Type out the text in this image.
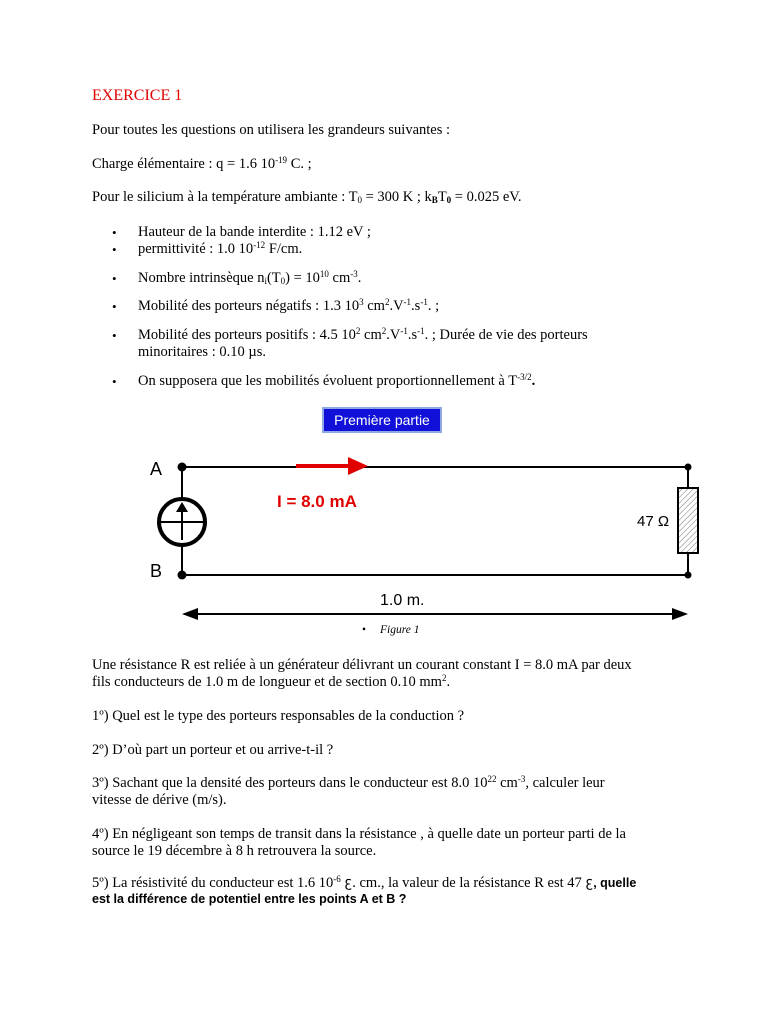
EXERCICE 1
Pour toutes les questions on utilisera les grandeurs suivantes :
Charge élémentaire : q = 1.6 $10^{-19}$ C. ;
Pour le silicium à la température ambiante : $T_0 = 300$ K ; $k_BT_0 = 0.025$ eV.
• Hauteur de la bande interdite : 1.12 eV ;
• permittivité : 1.0 $10^{-12}$ F/cm.
• Nombre intrinsèque $n_i(T_0) = 10^{10}$ $cm^{-3}$.
• Mobilité des porteurs négatifs : 1.3 $10^3$ $cm^2.V^{-1}.s^{-1}$. ;
• Mobilité des porteurs positifs : 4.5 $10^2$ $cm^2.V^{-1}.s^{-1}$. ; Durée de vie des porteurs
minoritaires : 0.10 µs.
• On supposera que les mobilités évoluent proportionnellement à $T^{-3/2}$.
Première partie
A
B
47 Ω
I = 8.0 mA
1.0 m.
• Figure 1
Une résistance R est reliée à un générateur délivrant un courant constant I = 8.0 mA par deux
fils conducteurs de 1.0 m de longueur et de section 0.10 $mm^2$.
1º) Quel est le type des porteurs responsables de la conduction ?
2º) D’où part un porteur et ou arrive-t-il ?
3º) Sachant que la densité des porteurs dans le conducteur est 8.0 $10^{22}$ $cm^{-3}$, calculer leur
vitesse de dérive (m/s).
4º) En négligeant son temps de transit dans la résistance , à quelle date un porteur parti de la
source le 19 décembre à 8 h retrouvera la source.
5º) La résistivité du conducteur est 1.6 $10^{-6}$ ꜫ. cm., la valeur de la résistance R est 47 ꜫ, quelle
est la différence de potentiel entre les points A et B ?
